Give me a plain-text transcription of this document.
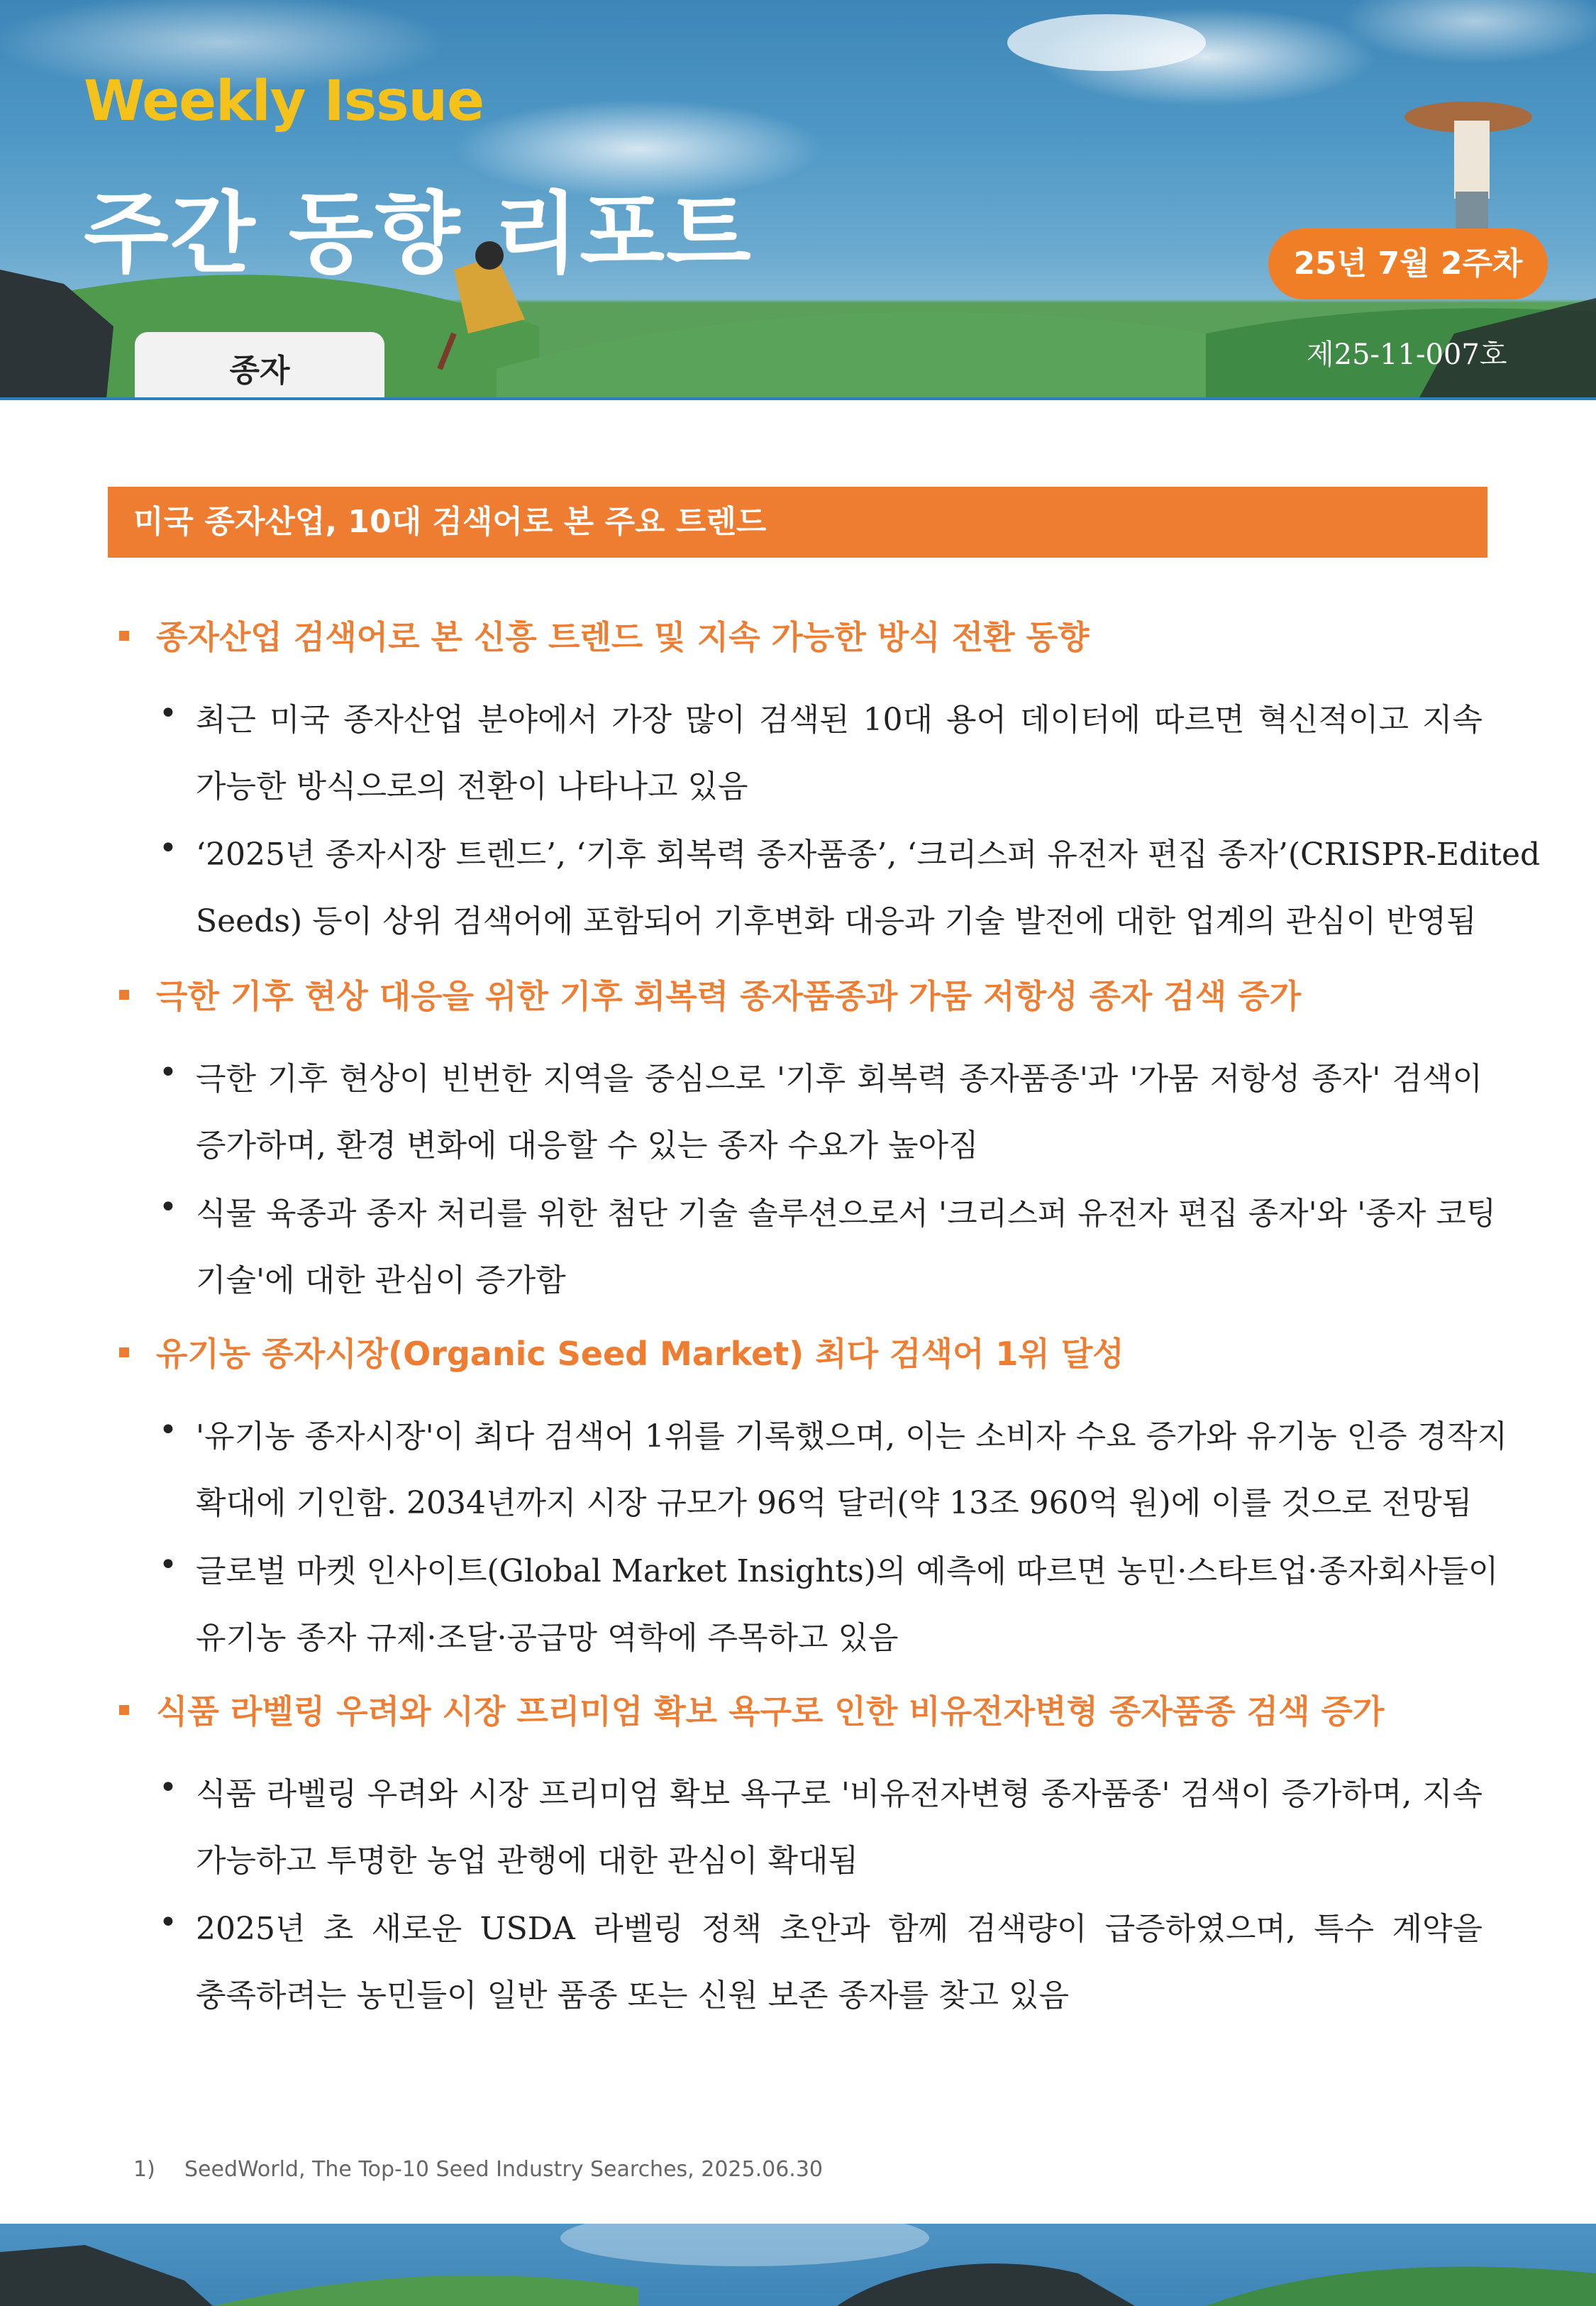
Weekly Issue
주간 동향 리포트	25년 7월 2주차
제25-11-007호
종자
미국 종자산업, 10대 검색어로 본 주요 트렌드
종자산업 검색어로 본 신흥 트렌드 및 지속 가능한 방식 전환 동향
• 최근 미국 종자산업 분야에서 가장 많이 검색된 10대 용어 데이터에 따르면 혁신적이고 지속
가능한 방식으로의 전환이 나타나고 있음
• ‘2025년 종자시장 트렌드’, ‘기후 회복력 종자품종’, ‘크리스퍼 유전자 편집 종자’(CRISPR-Edited
Seeds) 등이 상위 검색어에 포함되어 기후변화 대응과 기술 발전에 대한 업계의 관심이 반영됨
극한 기후 현상 대응을 위한 기후 회복력 종자품종과 가뭄 저항성 종자 검색 증가
• 극한 기후 현상이 빈번한 지역을 중심으로 '기후 회복력 종자품종'과 '가뭄 저항성 종자' 검색이
증가하며, 환경 변화에 대응할 수 있는 종자 수요가 높아짐
• 식물 육종과 종자 처리를 위한 첨단 기술 솔루션으로서 '크리스퍼 유전자 편집 종자'와 '종자 코팅
기술'에 대한 관심이 증가함
유기농 종자시장(Organic Seed Market) 최다 검색어 1위 달성
• '유기농 종자시장'이 최다 검색어 1위를 기록했으며, 이는 소비자 수요 증가와 유기농 인증 경작지
확대에 기인함. 2034년까지 시장 규모가 96억 달러(약 13조 960억 원)에 이를 것으로 전망됨
• 글로벌 마켓 인사이트(Global Market Insights)의 예측에 따르면 농민·스타트업·종자회사들이
유기농 종자 규제·조달·공급망 역학에 주목하고 있음
식품 라벨링 우려와 시장 프리미엄 확보 욕구로 인한 비유전자변형 종자품종 검색 증가
• 식품 라벨링 우려와 시장 프리미엄 확보 욕구로 '비유전자변형 종자품종' 검색이 증가하며, 지속
가능하고 투명한 농업 관행에 대한 관심이 확대됨
• 2025년 초 새로운 USDA 라벨링 정책 초안과 함께 검색량이 급증하였으며, 특수 계약을
충족하려는 농민들이 일반 품종 또는 신원 보존 종자를 찾고 있음
1) SeedWorld, The Top-10 Seed Industry Searches, 2025.06.30
